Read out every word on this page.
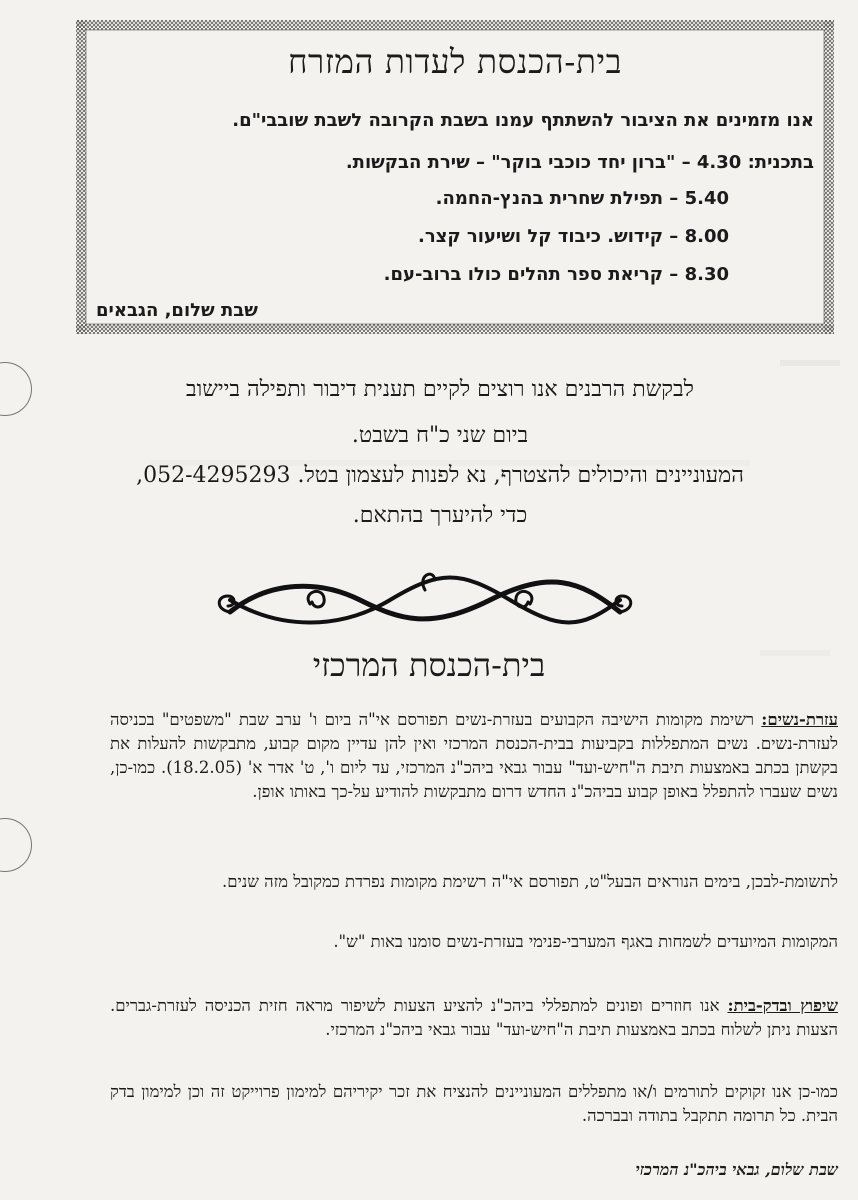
בית-הכנסת לעדות המזרח
אנו מזמינים את הציבור להשתתף עמנו בשבת הקרובה לשבת שובבי"ם.
בתכנית: 4.30 – "ברון יחד כוכבי בוקר" – שירת הבקשות.
5.40 – תפילת שחרית בהנץ-החמה.
8.00 – קידוש. כיבוד קל ושיעור קצר.
8.30 – קריאת ספר תהלים כולו ברוב-עם.
שבת שלום, הגבאים
לבקשת הרבנים אנו רוצים לקיים תענית דיבור ותפילה ביישוב
ביום שני כ"ח בשבט.
המעוניינים והיכולים להצטרף, נא לפנות לעצמון בטל. 052-4295293,
כדי להיערך בהתאם.
בית-הכנסת המרכזי
עזרת-נשים: רשימת מקומות הישיבה הקבועים בעזרת-נשים תפורסם אי"ה ביום ו' ערב שבת "משפטים" בכניסה לעזרת-נשים. נשים המתפללות בקביעות בבית-הכנסת המרכזי ואין להן עדיין מקום קבוע, מתבקשות להעלות את בקשתן בכתב באמצעות תיבת ה"חיש-ועד" עבור גבאי ביהכ"נ המרכזי, עד ליום ו', ט' אדר א' (18.2.05). כמו-כן, נשים שעברו להתפלל באופן קבוע בביהכ"נ החדש דרום מתבקשות להודיע על-כך באותו אופן.
לתשומת-לבכן, בימים הנוראים הבעל"ט, תפורסם אי"ה רשימת מקומות נפרדת כמקובל מזה שנים.
המקומות המיועדים לשמחות באגף המערבי-פנימי בעזרת-נשים סומנו באות "ש".
שיפוץ ובדק-בית: אנו חוזרים ופונים למתפללי ביהכ"נ להציע הצעות לשיפור מראה חזית הכניסה לעזרת-גברים. הצעות ניתן לשלוח בכתב באמצעות תיבת ה"חיש-ועד" עבור גבאי ביהכ"נ המרכזי.
כמו-כן אנו זקוקים לתורמים ו/או מתפללים המעוניינים להנציח את זכר יקיריהם למימון פרוייקט זה וכן למימון בדק הבית. כל תרומה תתקבל בתודה ובברכה.
שבת שלום, גבאי ביהכ"נ המרכזי
